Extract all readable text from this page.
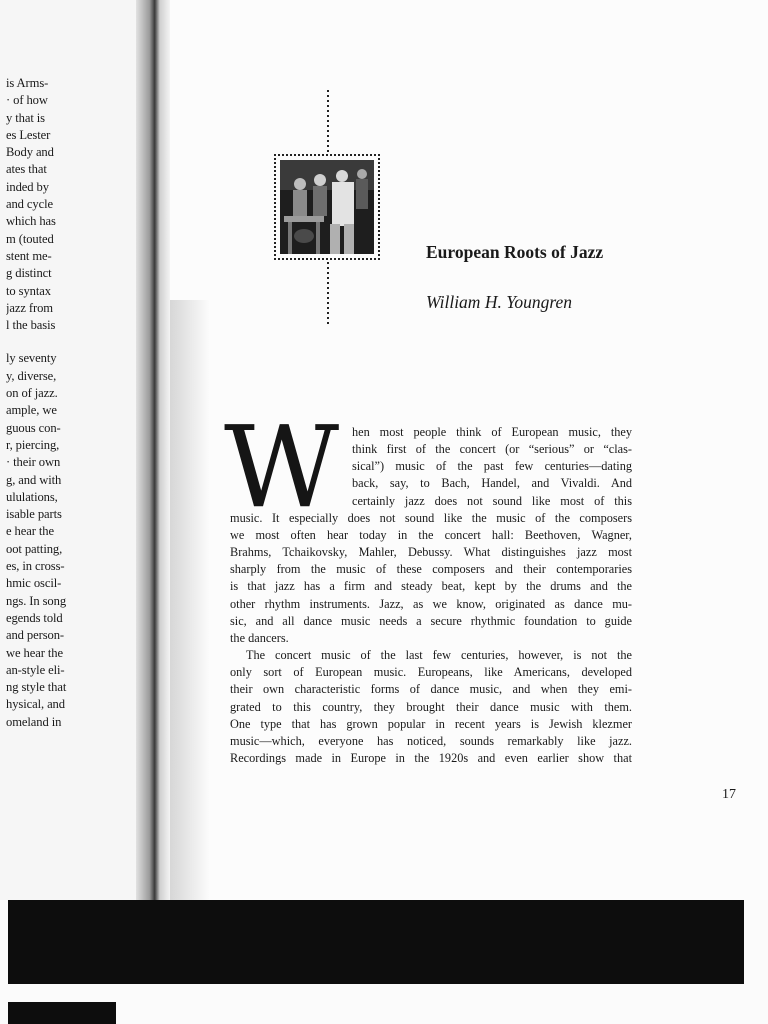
is Arms-
· of how
y that is
es Lester
Body and
ates that
inded by
and cycle
which has
m (touted
stent me-
g distinct
to syntax
jazz from
l the basis
ly seventy
y, diverse,
on of jazz.
ample, we
guous con-
r, piercing,
· their own
g, and with
ululations,
isable parts
e hear the
oot patting,
es, in cross-
hmic oscil-
ngs. In song
egends told
and person-
we hear the
an-style eli-
ng style that
hysical, and
omeland in
European Roots of Jazz
William H. Youngren
W hen most people think of European music, they
think first of the concert (or “serious” or “clas-
sical”) music of the past few centuries—dating
back, say, to Bach, Handel, and Vivaldi. And
certainly jazz does not sound like most of this
music. It especially does not sound like the music of the composers
we most often hear today in the concert hall: Beethoven, Wagner,
Brahms, Tchaikovsky, Mahler, Debussy. What distinguishes jazz most
sharply from the music of these composers and their contemporaries
is that jazz has a firm and steady beat, kept by the drums and the
other rhythm instruments. Jazz, as we know, originated as dance mu-
sic, and all dance music needs a secure rhythmic foundation to guide
the dancers.
The concert music of the last few centuries, however, is not the
only sort of European music. Europeans, like Americans, developed
their own characteristic forms of dance music, and when they emi-
grated to this country, they brought their dance music with them.
One type that has grown popular in recent years is Jewish klezmer
music—which, everyone has noticed, sounds remarkably like jazz.
Recordings made in Europe in the 1920s and even earlier show that
17
